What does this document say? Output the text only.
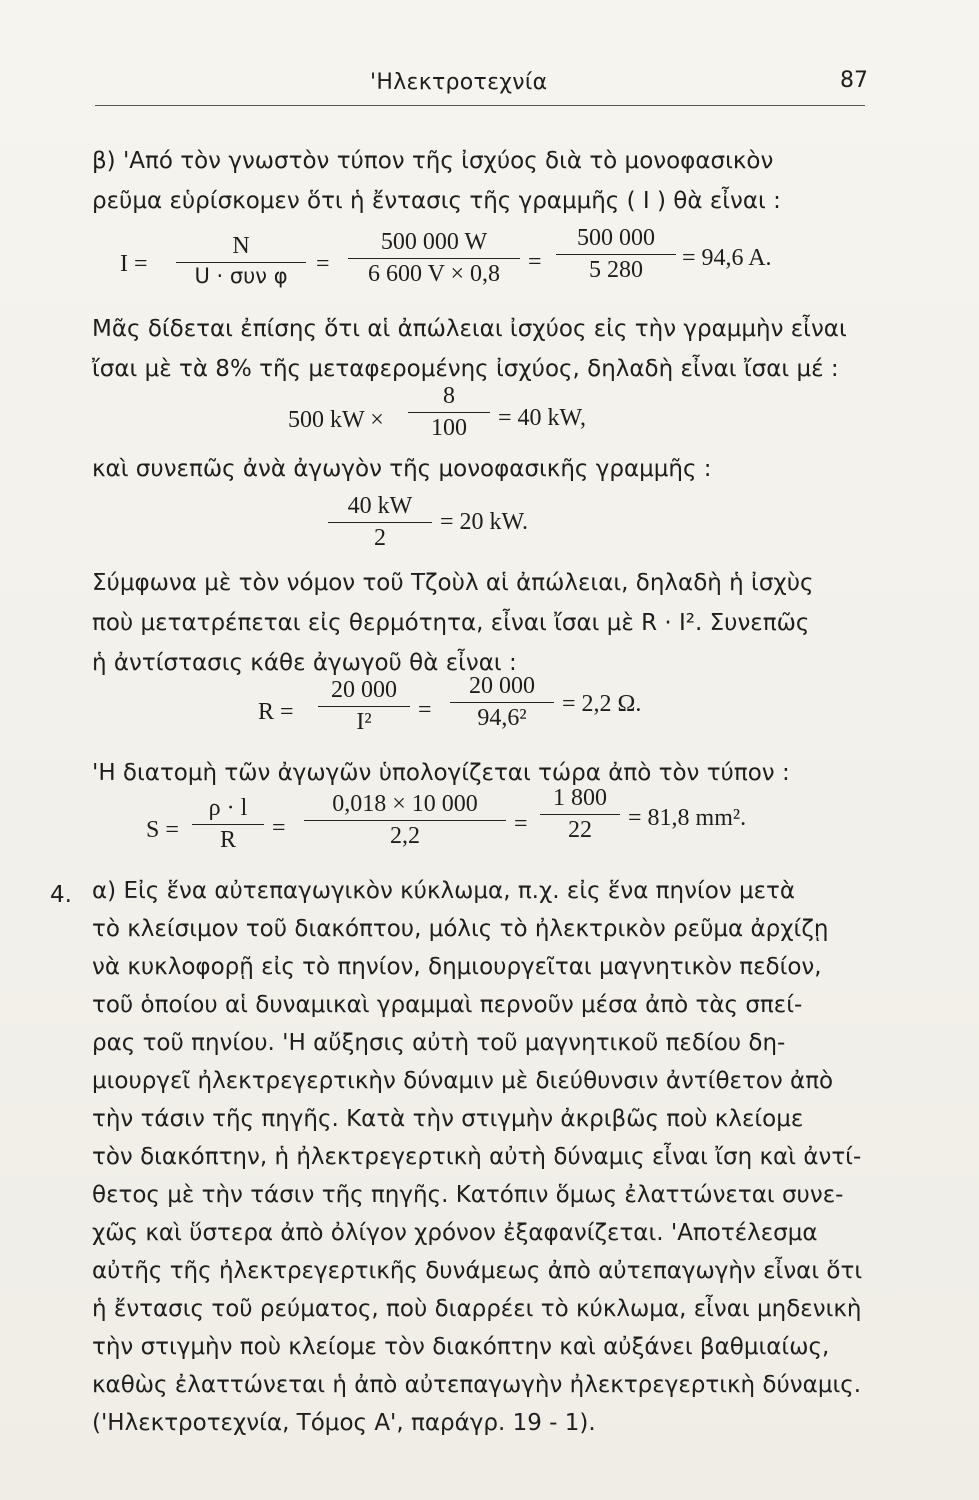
'Ηλεκτροτεχνία	87
β) 'Από τὸν γνωστὸν τύπον τῆς ἰσχύος διὰ τὸ μονοφασικὸν
ρεῦμα εὑρίσκομεν ὅτι ἡ ἔντασις τῆς γραμμῆς ( I ) θὰ εἶναι :
I =
N
U · συν φ	= $\frac{500 000 W}{6 600 V \times 0,8} = \frac{500 000}{5 280} = 94,6$ A.
Μᾶς δίδεται ἐπίσης ὅτι αἱ ἀπώλειαι ἰσχύος εἰς τὴν γραμμὴν εἶναι
ἴσαι μὲ τὰ 8% τῆς μεταφερομένης ἰσχύος, δηλαδὴ εἶναι ἴσαι μέ :
500 kW × $\frac{8}{100} = 40$ kW,
καὶ συνεπῶς ἀνὰ ἀγωγὸν τῆς μονοφασικῆς γραμμῆς :
$\frac{40 kW}{2} = 20$ kW.
Σύμφωνα μὲ τὸν νόμον τοῦ Τζοὺλ αἱ ἀπώλειαι, δηλαδὴ ἡ ἰσχὺς
ποὺ μετατρέπεται εἰς θερμότητα, εἶναι ἴσαι μὲ R · I². Συνεπῶς
ἡ ἀντίστασις κάθε ἀγωγοῦ θὰ εἶναι :
$R = \frac{20 000}{\text{I²}} = \frac{20 000}{\text{94,6²}} = 2,2$ Ω.
'Η διατομὴ τῶν ἀγωγῶν ὑπολογίζεται τώρα ἀπὸ τὸν τύπον :
$S = \frac{\rho \cdot l}{R} = \frac{0,018 \times 10 000}{2,2} = \frac{1 800}{22} = 81,8$ mm².
4. α) Εἰς ἕνα αὐτεπαγωγικὸν κύκλωμα, π.χ. εἰς ἕνα πηνίον μετὰ
τὸ κλείσιμον τοῦ διακόπτου, μόλις τὸ ἠλεκτρικὸν ρεῦμα ἀρχίζῃ
νὰ κυκλοφορῇ εἰς τὸ πηνίον, δημιουργεῖται μαγνητικὸν πεδίον,
τοῦ ὁποίου αἱ δυναμικαὶ γραμμαὶ περνοῦν μέσα ἀπὸ τὰς σπεί-
ρας τοῦ πηνίου. 'Η αὔξησις αὐτὴ τοῦ μαγνητικοῦ πεδίου δη-
μιουργεῖ ἠλεκτρεγερτικὴν δύναμιν μὲ διεύθυνσιν ἀντίθετον ἀπὸ
τὴν τάσιν τῆς πηγῆς. Κατὰ τὴν στιγμὴν ἀκριβῶς ποὺ κλείομε
τὸν διακόπτην, ἡ ἠλεκτρεγερτικὴ αὐτὴ δύναμις εἶναι ἴση καὶ ἀντί-
θετος μὲ τὴν τάσιν τῆς πηγῆς. Κατόπιν ὅμως ἐλαττώνεται συνε-
χῶς καὶ ὕστερα ἀπὸ ὀλίγον χρόνον ἐξαφανίζεται. 'Αποτέλεσμα
αὐτῆς τῆς ἠλεκτρεγερτικῆς δυνάμεως ἀπὸ αὐτεπαγωγὴν εἶναι ὅτι
ἡ ἔντασις τοῦ ρεύματος, ποὺ διαρρέει τὸ κύκλωμα, εἶναι μηδενικὴ
τὴν στιγμὴν ποὺ κλείομε τὸν διακόπτην καὶ αὐξάνει βαθμιαίως,
καθὼς ἐλαττώνεται ἡ ἀπὸ αὐτεπαγωγὴν ἠλεκτρεγερτικὴ δύναμις.
('Ηλεκτροτεχνία, Τόμος Α', παράγρ. 19 - 1).
